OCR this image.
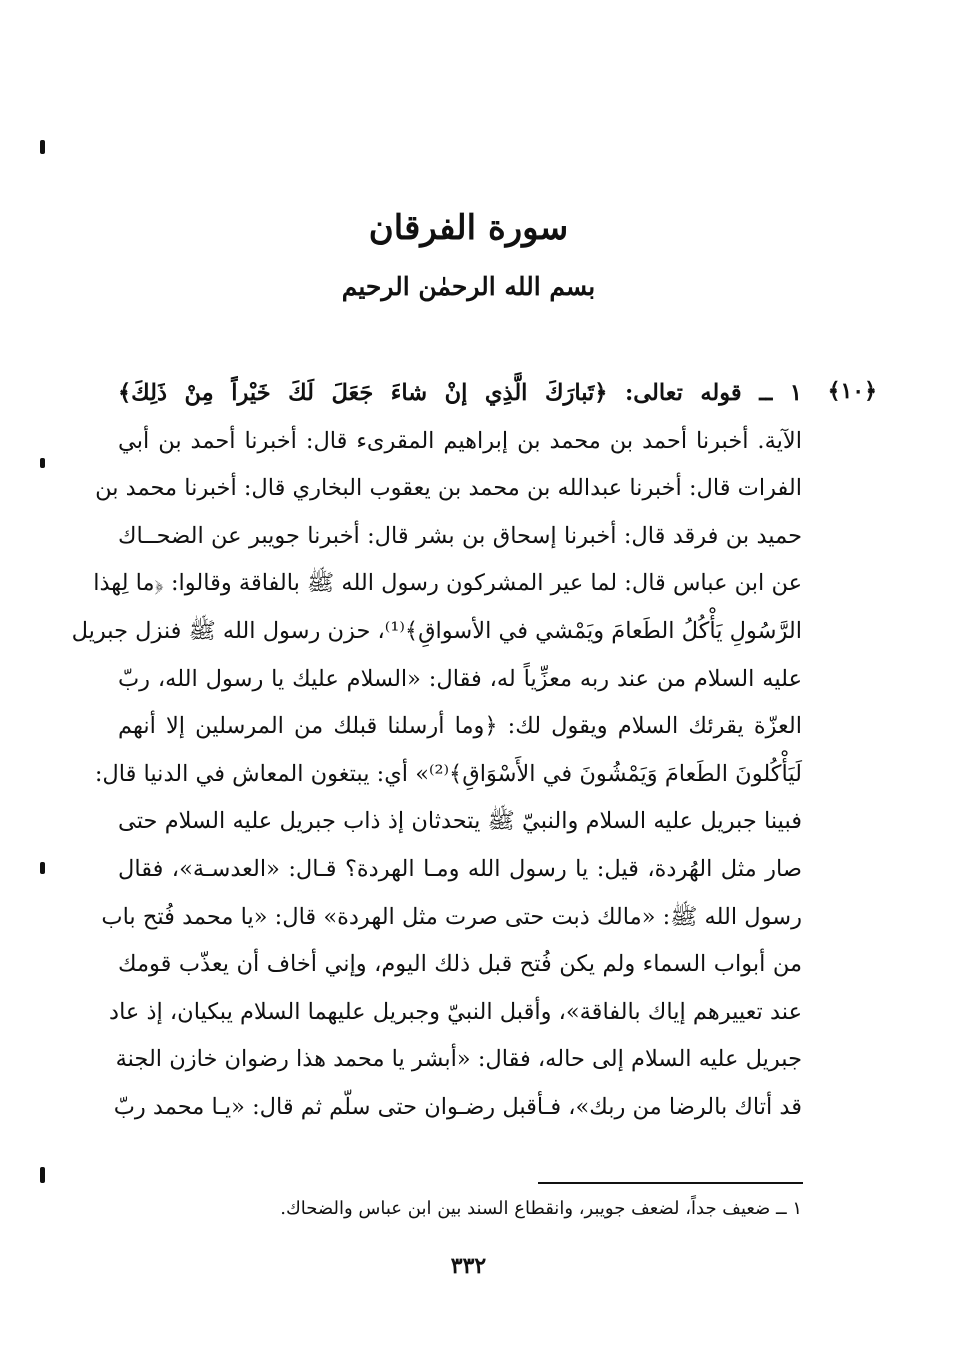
سورة الفرقان
بسم الله الرحمٰن الرحيم
﴿١٠﴾
١ ــ قوله تعالى: ﴿تَبارَكَ الَّذِي إنْ شاءَ جَعَلَ لَكَ خَيْراً مِنْ ذَلِكَ﴾
الآية. أخبرنا أحمد بن محمد بن إبراهيم المقرىء قال: أخبرنا أحمد بن أبي
الفرات قال: أخبرنا عبدالله بن محمد بن يعقوب البخاري قال: أخبرنا محمد بن
حميد بن فرقد قال: أخبرنا إسحاق بن بشر قال: أخبرنا جويبر عن الضحــاك
عن ابن عباس قال: لما عير المشركون رسول الله ﷺ بالفاقة وقالوا: ﴿ما لِهذا
الرَّسُولِ يَأْكُلُ الطَعامَ ويَمْشي في الأسواقِ﴾⁽¹⁾، حزن رسول الله ﷺ فنزل جبريل
عليه السلام من عند ربه معزِّياً له، فقال: «السلام عليك يا رسول الله، ربّ
العزّة يقرئك السلام ويقول لك: ﴿وما أرسلنا قبلك من المرسلين إلا أنهم
لَيَأْكُلونَ الطَعامَ وَيَمْشُونَ في الأَسْوَاقِ﴾⁽²⁾» أي: يبتغون المعاش في الدنيا قال:
فبينا جبريل عليه السلام والنبيّ ﷺ يتحدثان إذ ذاب جبريل عليه السلام حتى
صار مثل الهُردة، قيل: يا رسول الله ومـا الهردة؟ قـال: «العدسـة»، فقال
رسول الله ﷺ: «مالك ذبت حتى صرت مثل الهردة» قال: «يا محمد فُتح باب
من أبواب السماء ولم يكن فُتح قبل ذلك اليوم، وإني أخاف أن يعذّب قومك
عند تعييرهم إياك بالفاقة»، وأقبل النبيّ وجبريل عليهما السلام يبكيان، إذ عاد
جبريل عليه السلام إلى حاله، فقال: «أبشر يا محمد هذا رضوان خازن الجنة
قد أتاك بالرضا من ربك»، فـأقبل رضـوان حتى سلّم ثم قال: «يـا محمد ربّ
١ ــ ضعيف جداً، لضعف جويبر، وانقطاع السند بين ابن عباس والضحاك.
٣٣٢
